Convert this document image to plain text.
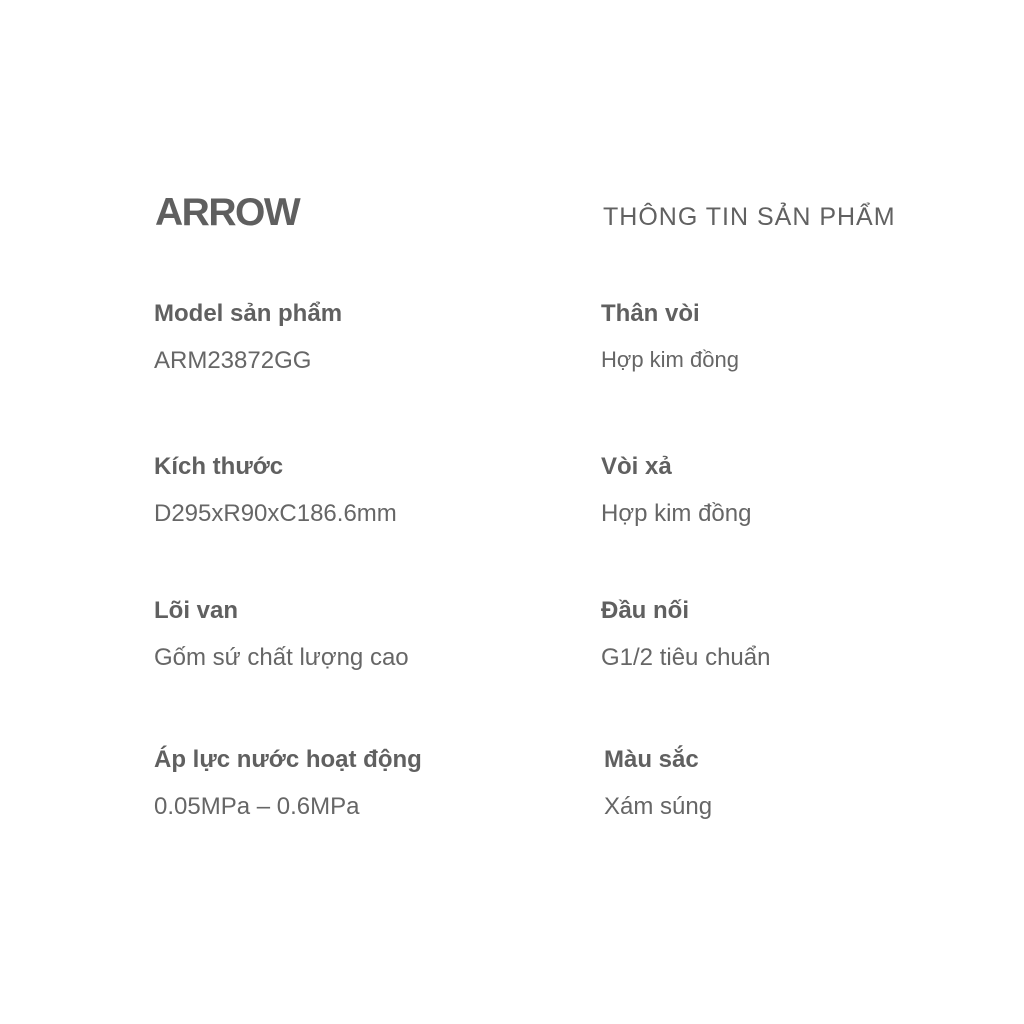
ARROW	THÔNG TIN SẢN PHẨM
Model sản phẩm
ARM23872GG
Thân vòi
Hợp kim đồng
Kích thước
D295xR90xC186.6mm
Vòi xả
Hợp kim đồng
Lõi van
Gốm sứ chất lượng cao
Đầu nối
G1/2 tiêu chuẩn
Áp lực nước hoạt động
0.05MPa – 0.6MPa
Màu sắc
Xám súng
